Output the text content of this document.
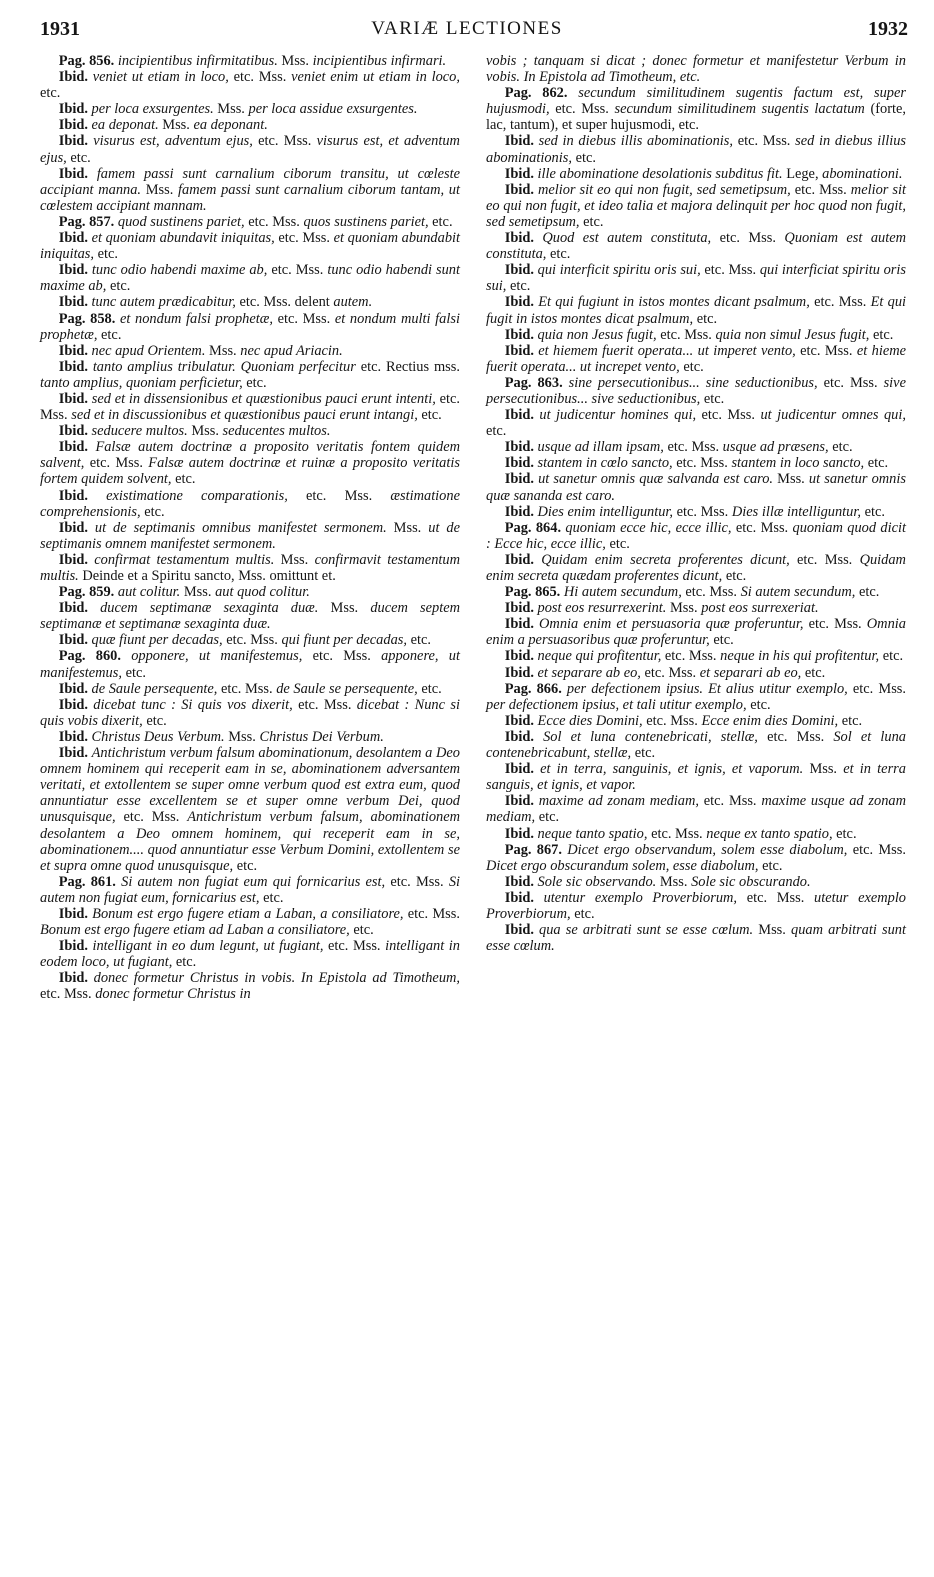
1931	VARIÆ LECTIONES	1932

Pag. 856. incipientibus infirmitatibus. Mss. incipientibus infirmari.

Ibid. veniet ut etiam in loco, etc. Mss. veniet enim ut etiam in loco, etc.

Ibid. per loca exsurgentes. Mss. per loca assidue exsurgentes.

Ibid. ea deponat. Mss. ea deponant.

Ibid. visurus est, adventum ejus, etc. Mss. visurus est, et adventum ejus, etc.

Ibid. famem passi sunt carnalium ciborum transitu, ut cœleste accipiant manna. Mss. famem passi sunt carnalium ciborum tantam, ut cœlestem accipiant mannam.

Pag. 857. quod sustinens pariet, etc. Mss. quos sustinens pariet, etc.

Ibid. et quoniam abundavit iniquitas, etc. Mss. et quoniam abundabit iniquitas, etc.

Ibid. tunc odio habendi maxime ab, etc. Mss. tunc odio habendi sunt maxime ab, etc.

Ibid. tunc autem prædicabitur, etc. Mss. delent autem.

Pag. 858. et nondum falsi prophetæ, etc. Mss. et nondum multi falsi prophetæ, etc.

Ibid. nec apud Orientem. Mss. nec apud Ariacin.

Ibid. tanto amplius tribulatur. Quoniam perfecitur etc. Rectius mss. tanto amplius, quoniam perficietur, etc.

Ibid. sed et in dissensionibus et quæstionibus pauci erunt intenti, etc. Mss. sed et in discussionibus et quæstionibus pauci erunt intangi, etc.

Ibid. seducere multos. Mss. seducentes multos.

Ibid. Falsæ autem doctrinæ a proposito veritatis fontem quidem salvent, etc. Mss. Falsæ autem doctrinæ et ruinæ a proposito veritatis fortem quidem solvent, etc.

Ibid. existimatione comparationis, etc. Mss. æstimatione comprehensionis, etc.

Ibid. ut de septimanis omnibus manifestet sermonem. Mss. ut de septimanis omnem manifestet sermonem.

Ibid. confirmat testamentum multis. Mss. confirmavit testamentum multis. Deinde et a Spiritu sancto, Mss. omittunt et.

Pag. 859. aut colitur. Mss. aut quod colitur.

Ibid. ducem septimanæ sexaginta duæ. Mss. ducem septem septimanæ et septimanæ sexaginta duæ.

Ibid. quæ fiunt per decadas, etc. Mss. qui fiunt per decadas, etc.

Pag. 860. opponere, ut manifestemus, etc. Mss. apponere, ut manifestemus, etc.

Ibid. de Saule persequente, etc. Mss. de Saule se persequente, etc.

Ibid. dicebat tunc : Si quis vos dixerit, etc. Mss. dicebat : Nunc si quis vobis dixerit, etc.

Ibid. Christus Deus Verbum. Mss. Christus Dei Verbum.

Ibid. Antichristum verbum falsum abominationum, desolantem a Deo omnem hominem qui receperit eam in se, abominationem adversantem veritati, et extollentem se super omne verbum quod est extra eum, quod annuntiatur esse excellentem se et super omne verbum Dei, quod unusquisque, etc. Mss. Antichristum verbum falsum, abominationem desolantem a Deo omnem hominem, qui receperit eam in se, abominationem.... quod annuntiatur esse Verbum Domini, extollentem se et supra omne quod unusquisque, etc.

Pag. 861. Si autem non fugiat eum qui fornicarius est, etc. Mss. Si autem non fugiat eum, fornicarius est, etc.

Ibid. Bonum est ergo fugere etiam a Laban, a consiliatore, etc. Mss. Bonum est ergo fugere etiam ad Laban a consiliatore, etc.

Ibid. intelligant in eo dum legunt, ut fugiant, etc. Mss. intelligant in eodem loco, ut fugiant, etc.

Ibid. donec formetur Christus in vobis. In Epistola ad Timotheum, etc. Mss. donec formetur Christus in

vobis ; tanquam si dicat ; donec formetur et manifestetur Verbum in vobis. In Epistola ad Timotheum, etc.

Pag. 862. secundum similitudinem sugentis factum est, super hujusmodi, etc. Mss. secundum similitudinem sugentis lactatum (forte, lac, tantum), et super hujusmodi, etc.

Ibid. sed in diebus illis abominationis, etc. Mss. sed in diebus illius abominationis, etc.

Ibid. ille abominatione desolationis subditus fit. Lege, abominationi.

Ibid. melior sit eo qui non fugit, sed semetipsum, etc. Mss. melior sit eo qui non fugit, et ideo talia et majora delinquit per hoc quod non fugit, sed semetipsum, etc.

Ibid. Quod est autem constituta, etc. Mss. Quoniam est autem constituta, etc.

Ibid. qui interficit spiritu oris sui, etc. Mss. qui interficiat spiritu oris sui, etc.

Ibid. Et qui fugiunt in istos montes dicant psalmum, etc. Mss. Et qui fugit in istos montes dicat psalmum, etc.

Ibid. quia non Jesus fugit, etc. Mss. quia non simul Jesus fugit, etc.

Ibid. et hiemem fuerit operata... ut imperet vento, etc. Mss. et hieme fuerit operata... ut increpet vento, etc.

Pag. 863. sine persecutionibus... sine seductionibus, etc. Mss. sive persecutionibus... sive seductionibus, etc.

Ibid. ut judicentur homines qui, etc. Mss. ut judicentur omnes qui, etc.

Ibid. usque ad illam ipsam, etc. Mss. usque ad præsens, etc.

Ibid. stantem in cœlo sancto, etc. Mss. stantem in loco sancto, etc.

Ibid. ut sanetur omnis quæ salvanda est caro. Mss. ut sanetur omnis quæ sananda est caro.

Ibid. Dies enim intelliguntur, etc. Mss. Dies illæ intelliguntur, etc.

Pag. 864. quoniam ecce hic, ecce illic, etc. Mss. quoniam quod dicit : Ecce hic, ecce illic, etc.

Ibid. Quidam enim secreta proferentes dicunt, etc. Mss. Quidam enim secreta quædam proferentes dicunt, etc.

Pag. 865. Hi autem secundum, etc. Mss. Si autem secundum, etc.

Ibid. post eos resurrexerint. Mss. post eos surrexeriat.

Ibid. Omnia enim et persuasoria quæ proferuntur, etc. Mss. Omnia enim a persuasoribus quæ proferuntur, etc.

Ibid. neque qui profitentur, etc. Mss. neque in his qui profitentur, etc.

Ibid. et separare ab eo, etc. Mss. et separari ab eo, etc.

Pag. 866. per defectionem ipsius. Et alius utitur exemplo, etc. Mss. per defectionem ipsius, et tali utitur exemplo, etc.

Ibid. Ecce dies Domini, etc. Mss. Ecce enim dies Domini, etc.

Ibid. Sol et luna contenebricati, stellæ, etc. Mss. Sol et luna contenebricabunt, stellæ, etc.

Ibid. et in terra, sanguinis, et ignis, et vaporum. Mss. et in terra sanguis, et ignis, et vapor.

Ibid. maxime ad zonam mediam, etc. Mss. maxime usque ad zonam mediam, etc.

Ibid. neque tanto spatio, etc. Mss. neque ex tanto spatio, etc.

Pag. 867. Dicet ergo observandum, solem esse diabolum, etc. Mss. Dicet ergo obscurandum solem, esse diabolum, etc.

Ibid. Sole sic observando. Mss. Sole sic obscurando.

Ibid. utentur exemplo Proverbiorum, etc. Mss. utetur exemplo Proverbiorum, etc.

Ibid. qua se arbitrati sunt se esse cœlum. Mss. quam arbitrati sunt esse cœlum.
